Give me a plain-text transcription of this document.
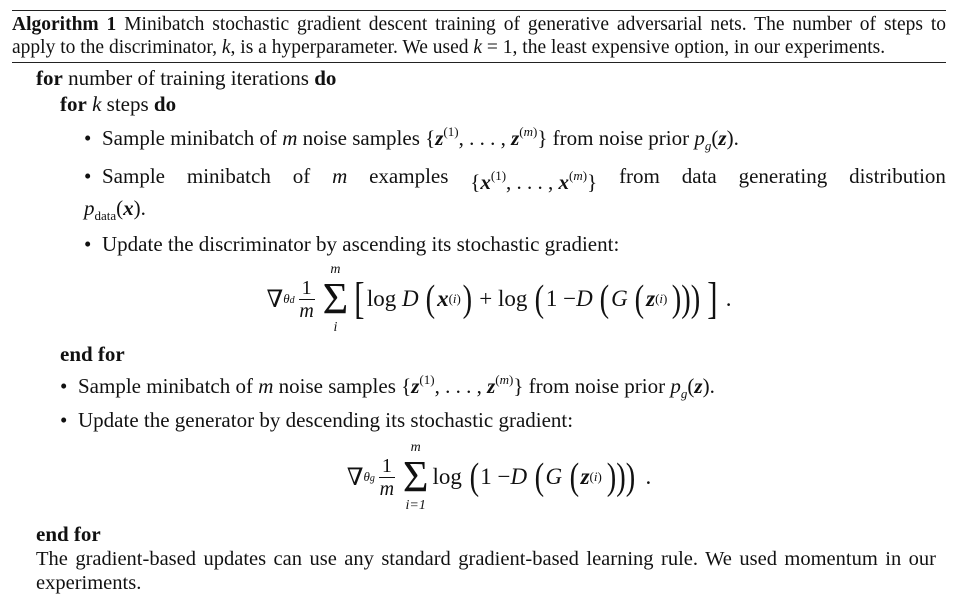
Algorithm 1 Minibatch stochastic gradient descent training of generative adversarial nets. The number of steps to apply to the discriminator, k, is a hyperparameter. We used k = 1, the least expensive option, in our experiments.
for number of training iterations do
for k steps do
• Sample minibatch of m noise samples {$z^{(1)}$, . . . , $z^{(m)}$} from noise prior $p_g(z)$.
• Sample minibatch of m examples {$x^{(1)}$, . . . , $x^{(m)}$} from data generating distribution
$p_{data}(x)$.
• Update the discriminator by ascending its stochastic gradient:
∇ θd $\frac{1}{m}$
m
Σ
i
[ log D
( x (i) ) + log ( 1 − D
( G
( z (i) ))) ] .
end for
• Sample minibatch of m noise samples {$z^{(1)}$, . . . , $z^{(m)}$} from noise prior $p_g(z)$.
• Update the generator by descending its stochastic gradient:
∇ θg $\frac{1}{m}$
m
Σ
i=1
log ( 1 − D
( G
( z (i) ))) .
end for
The gradient-based updates can use any standard gradient-based learning rule. We used momentum in our experiments.
